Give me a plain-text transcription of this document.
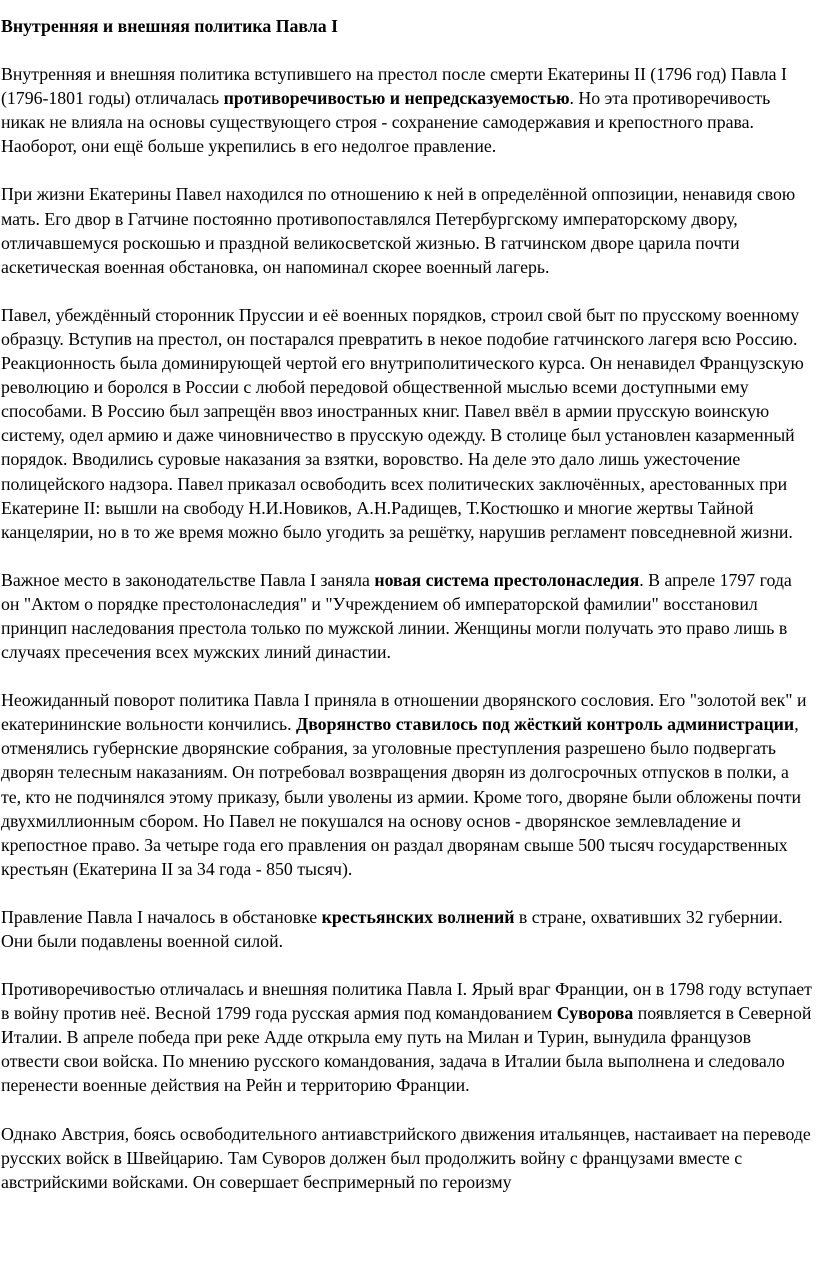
Внутренняя и внешняя политика Павла I

Внутренняя и внешняя политика вступившего на престол после смерти Екатерины II (1796 год) Павла I (1796-1801 годы) отличалась противоречивостью и непредсказуемостью. Но эта противоречивость никак не влияла на основы существующего строя - сохранение самодержавия и крепостного права. Наоборот, они ещё больше укрепились в его недолгое правление.

При жизни Екатерины Павел находился по отношению к ней в определённой оппозиции, ненавидя свою мать. Его двор в Гатчине постоянно противопоставлялся Петербургскому императорскому двору, отличавшемуся роскошью и праздной великосветской жизнью. В гатчинском дворе царила почти аскетическая военная обстановка, он напоминал скорее военный лагерь.

Павел, убеждённый сторонник Пруссии и её военных порядков, строил свой быт по прусскому военному образцу. Вступив на престол, он постарался превратить в некое подобие гатчинского лагеря всю Россию. Реакционность была доминирующей чертой его внутриполитического курса. Он ненавидел Французскую революцию и боролся в России с любой передовой общественной мыслью всеми доступными ему способами. В Россию был запрещён ввоз иностранных книг. Павел ввёл в армии прусскую воинскую систему, одел армию и даже чиновничество в прусскую одежду. В столице был установлен казарменный порядок. Вводились суровые наказания за взятки, воровство. На деле это дало лишь ужесточение полицейского надзора. Павел приказал освободить всех политических заключённых, арестованных при Екатерине II: вышли на свободу Н.И.Новиков, А.Н.Радищев, Т.Костюшко и многие жертвы Тайной канцелярии, но в то же время можно было угодить за решётку, нарушив регламент повседневной жизни.

Важное место в законодательстве Павла I заняла новая система престолонаследия. В апреле 1797 года он "Актом о порядке престолонаследия" и "Учреждением об императорской фамилии" восстановил принцип наследования престола только по мужской линии. Женщины могли получать это право лишь в случаях пресечения всех мужских линий династии.

Неожиданный поворот политика Павла I приняла в отношении дворянского сословия. Его "золотой век" и екатерининские вольности кончились. Дворянство ставилось под жёсткий контроль администрации, отменялись губернские дворянские собрания, за уголовные преступления разрешено было подвергать дворян телесным наказаниям. Он потребовал возвращения дворян из долгосрочных отпусков в полки, а те, кто не подчинялся этому приказу, были уволены из армии. Кроме того, дворяне были обложены почти двухмиллионным сбором. Но Павел не покушался на основу основ - дворянское землевладение и крепостное право. За четыре года его правления он раздал дворянам свыше 500 тысяч государственных крестьян (Екатерина II за 34 года - 850 тысяч).

Правление Павла I началось в обстановке крестьянских волнений в стране, охвативших 32 губернии. Они были подавлены военной силой.

Противоречивостью отличалась и внешняя политика Павла I. Ярый враг Франции, он в 1798 году вступает в войну против неё. Весной 1799 года русская армия под командованием Суворова появляется в Северной Италии. В апреле победа при реке Адде открыла ему путь на Милан и Турин, вынудила французов отвести свои войска. По мнению русского командования, задача в Италии была выполнена и следовало перенести военные действия на Рейн и территорию Франции.

Однако Австрия, боясь освободительного антиавстрийского движения итальянцев, настаивает на переводе русских войск в Швейцарию. Там Суворов должен был продолжить войну с французами вместе с австрийскими войсками. Он совершает беспримерный по героизму
